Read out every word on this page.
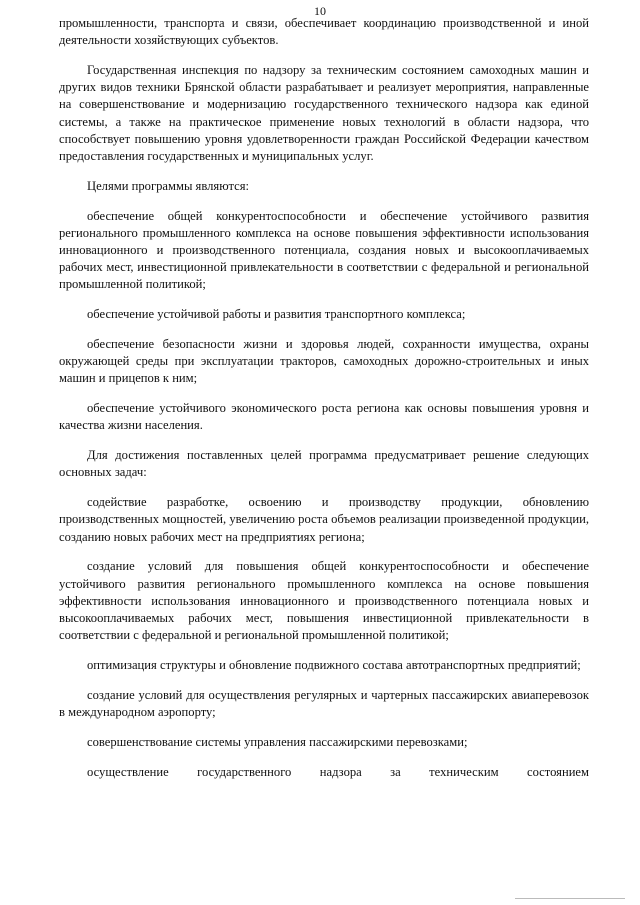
10

промышленности, транспорта и связи, обеспечивает координацию производственной и иной деятельности хозяйствующих субъектов.

Государственная инспекция по надзору за техническим состоянием самоходных машин и других видов техники Брянской области разрабатывает и реализует мероприятия, направленные на совершенствование и модернизацию государственного технического надзора как единой системы, а также на практическое применение новых технологий в области надзора, что способствует повышению уровня удовлетворенности граждан Российской Федерации качеством предоставления государственных и муниципальных услуг.

Целями программы являются:

обеспечение общей конкурентоспособности и обеспечение устойчивого развития регионального промышленного комплекса на основе повышения эффективности использования инновационного и производственного потенциала, создания новых и высокооплачиваемых рабочих мест, инвестиционной привлекательности в соответствии с федеральной и региональной промышленной политикой;

обеспечение устойчивой работы и развития транспортного комплекса;

обеспечение безопасности жизни и здоровья людей, сохранности имущества, охраны окружающей среды при эксплуатации тракторов, самоходных дорожно-строительных и иных машин и прицепов к ним;

обеспечение устойчивого экономического роста региона как основы повышения уровня и качества жизни населения.

Для достижения поставленных целей программа предусматривает решение следующих основных задач:

содействие разработке, освоению и производству продукции, обновлению производственных мощностей, увеличению роста объемов реализации произведенной продукции, созданию новых рабочих мест на предприятиях региона;

создание условий для повышения общей конкурентоспособности и обеспечение устойчивого развития регионального промышленного комплекса на основе повышения эффективности использования инновационного и производственного потенциала новых и высокооплачиваемых рабочих мест, повышения инвестиционной привлекательности в соответствии с федеральной и региональной промышленной политикой;

оптимизация структуры и обновление подвижного состава автотранспортных предприятий;

создание условий для осуществления регулярных и чартерных пассажирских авиаперевозок в международном аэропорту;

совершенствование системы управления пассажирскими перевозками;

осуществление государственного надзора за техническим состоянием
